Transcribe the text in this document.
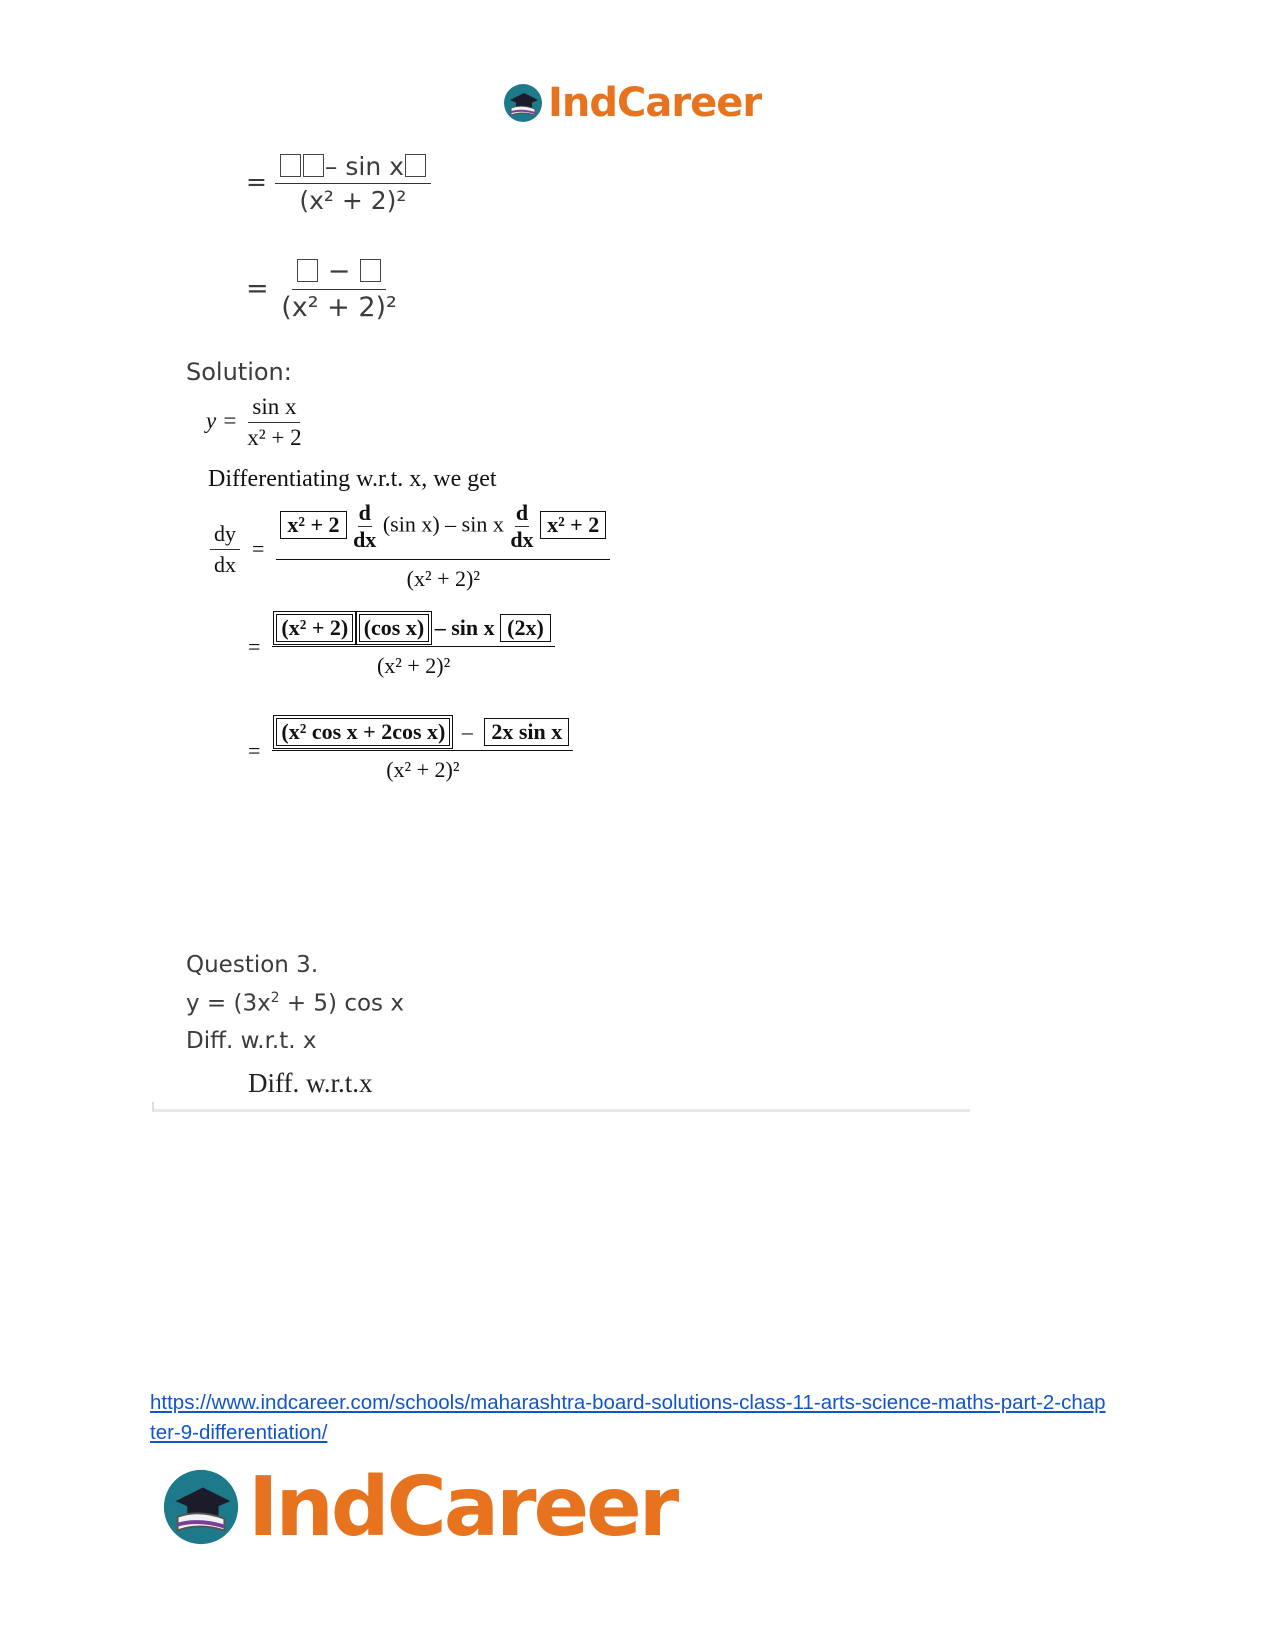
IndCareer
= $\frac{\text{– sin x}}{\text{(x² + 2)²}}$
= $\frac{-}{\text{(x² + 2)²}}$
Solution:
$y = \frac{\text{sin x}}{\text{x² + 2}}$
Differentiating w.r.t. x, we get
$\frac{dy}{dx}$ =
$x^2 + 2 \frac{d}{dx} (\sin$ x) – sin x $\frac{d}{dx} x^2 + 2$
(x² + 2)²
= $\frac{\text{(x² + 2) (cos x) – sin x (2x)}}{\text{(x² + 2)²}}$
= $\frac{\text{(x² cos x + 2cos x) – 2x sin x}}{\text{(x² + 2)²}}$
Question 3.
$y = (3x^2 + 5)$ cos x
Diff. w.r.t. x
Diff. w.r.t.x
https://www.indcareer.com/schools/maharashtra-board-solutions-class-11-arts-science-maths-part-2-chapter-9-differentiation/
IndCareer
